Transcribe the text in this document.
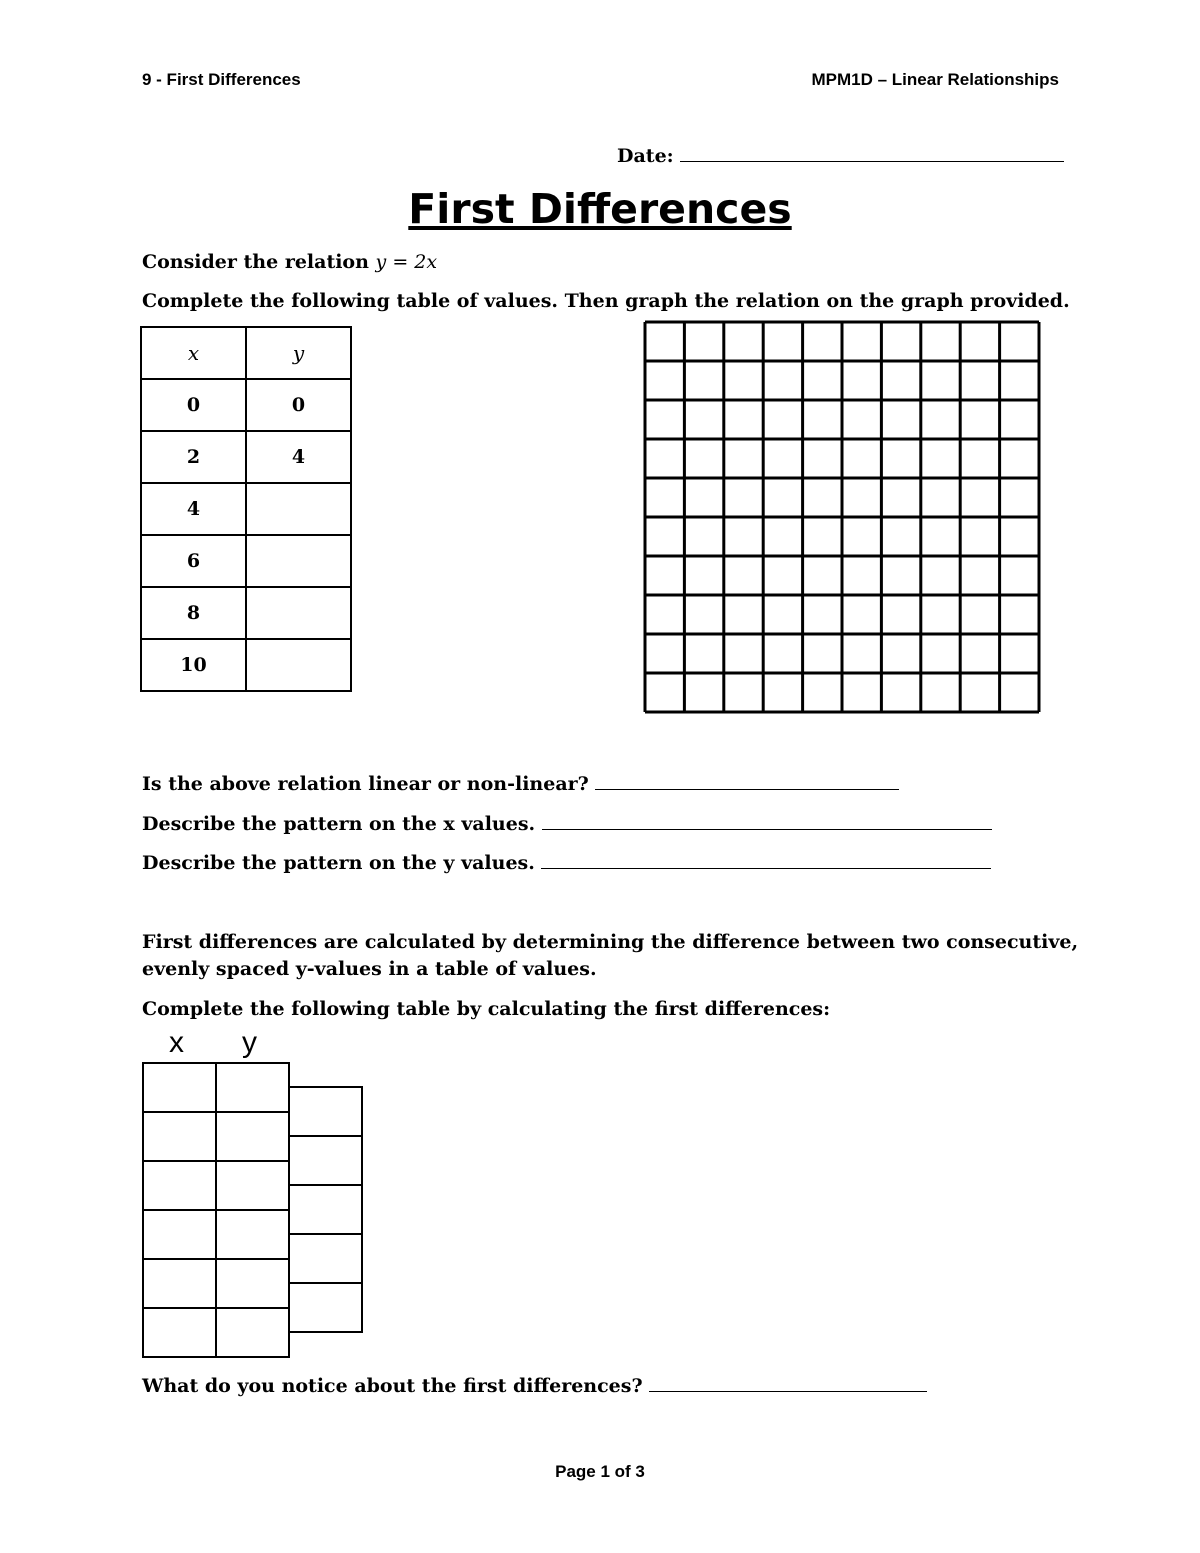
9 - First Differences	MPM1D – Linear Relationships
Date:
First Differences
Consider the relation y = 2x
Complete the following table of values. Then graph the relation on the graph provided.
x	y
0	0
2	4
4	
6	
8	
10	
Is the above relation linear or non-linear?
Describe the pattern on the x values.
Describe the pattern on the y values.
First differences are calculated by determining the difference between two consecutive,
evenly spaced y-values in a table of values.
Complete the following table by calculating the first differences:
x y

What do you notice about the first differences?
Page 1 of 3
